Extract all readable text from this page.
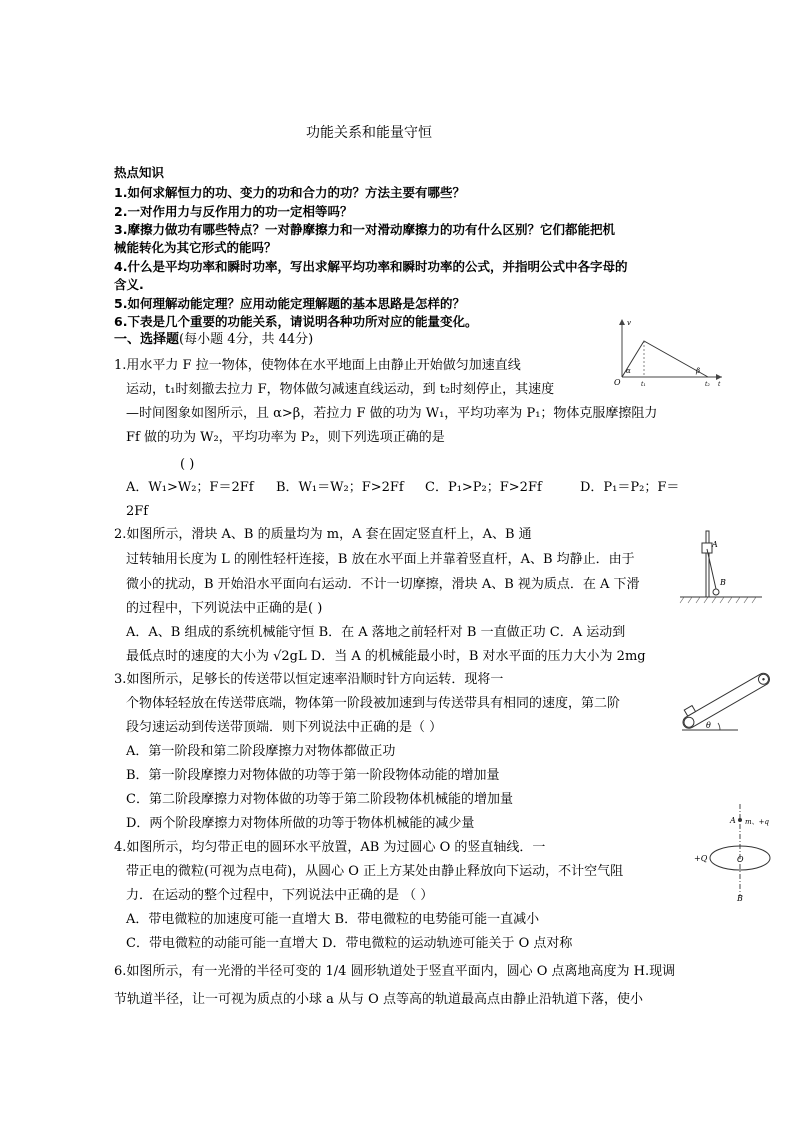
功能关系和能量守恒
热点知识
1.如何求解恒力的功、变力的功和合力的功？方法主要有哪些？
2.一对作用力与反作用力的功一定相等吗？
3.摩擦力做功有哪些特点？一对静摩擦力和一对滑动摩擦力的功有什么区别？它们都能把机
械能转化为其它形式的能吗？
4.什么是平均功率和瞬时功率，写出求解平均功率和瞬时功率的公式，并指明公式中各字母的
含义.
5.如何理解动能定理？应用动能定理解题的基本思路是怎样的？
6.下表是几个重要的功能关系，请说明各种功所对应的能量变化。
一、选择题(每小题 4分，共 44分)
1.用水平力 F 拉一物体，使物体在水平地面上由静止开始做匀加速直线
运动，t₁时刻撤去拉力 F，物体做匀减速直线运动，到 t₂时刻停止，其速度
—时间图象如图所示，且 α>β，若拉力 F 做的功为 W₁，平均功率为 P₁；物体克服摩擦阻力
Ff 做的功为 W₂，平均功率为 P₂，则下列选项正确的是
( )
A．W₁>W₂；F＝2Ff B．W₁＝W₂；F>2Ff C．P₁>P₂；F>2Ff	D．P₁＝P₂；F＝
2Ff
v
O
α	β
t₁	t₂ t
2.如图所示，滑块 A、B 的质量均为 m，A 套在固定竖直杆上，A、B 通
过转轴用长度为 L 的刚性轻杆连接，B 放在水平面上并靠着竖直杆，A、B 均静止．由于
微小的扰动，B 开始沿水平面向右运动．不计一切摩擦，滑块 A、B 视为质点．在 A 下滑
的过程中，下列说法中正确的是( )
A．A、B 组成的系统机械能守恒 B．在 A 落地之前轻杆对 B 一直做正功 C．A 运动到
最低点时的速度的大小为 √2gL D．当 A 的机械能最小时，B 对水平面的压力大小为 2mg
A
B
3.如图所示，足够长的传送带以恒定速率沿顺时针方向运转．现将一
个物体轻轻放在传送带底端，物体第一阶段被加速到与传送带具有相同的速度，第二阶
段匀速运动到传送带顶端．则下列说法中正确的是（ ）
A．第一阶段和第二阶段摩擦力对物体都做正功
B．第一阶段摩擦力对物体做的功等于第一阶段物体动能的增加量
C．第二阶段摩擦力对物体做的功等于第二阶段物体机械能的增加量
D．两个阶段摩擦力对物体所做的功等于物体机械能的减少量
θ
4.如图所示，均匀带正电的圆环水平放置，AB 为过圆心 O 的竖直轴线．一
带正电的微粒(可视为点电荷)，从圆心 O 正上方某处由静止释放向下运动，不计空气阻
力．在运动的整个过程中，下列说法中正确的是 （ ）
A．带电微粒的加速度可能一直增大 B．带电微粒的电势能可能一直减小
C．带电微粒的动能可能一直增大 D．带电微粒的运动轨迹可能关于 O 点对称
A m、+q
+Q	O
B
6.如图所示，有一光滑的半径可变的 1/4 圆形轨道处于竖直平面内，圆心 O 点离地高度为 H.现调
节轨道半径，让一可视为质点的小球 a 从与 O 点等高的轨道最高点由静止沿轨道下落，使小
